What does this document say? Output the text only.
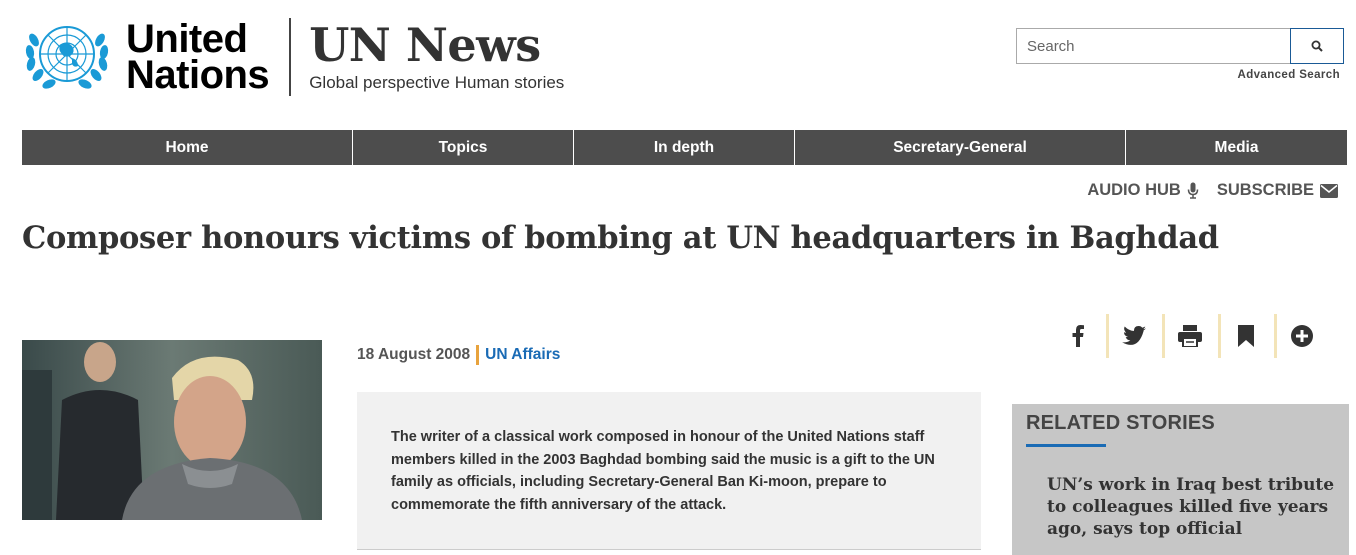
United
Nations
UN News
Global perspective Human stories
Search	Advanced Search
Home	Topics	In depth	Secretary-General	Media
AUDIO HUB SUBSCRIBE
Composer honours victims of bombing at UN headquarters in Baghdad
18 August 2008 UN Affairs

The writer of a classical work composed in honour of the United Nations staff members killed in the 2003 Baghdad bombing said the music is a gift to the UN family as officials, including Secretary-General Ban Ki-moon, prepare to commemorate the fifth anniversary of the attack.

RELATED STORIES
UN’s work in Iraq best tribute to colleagues killed five years ago, says top official
